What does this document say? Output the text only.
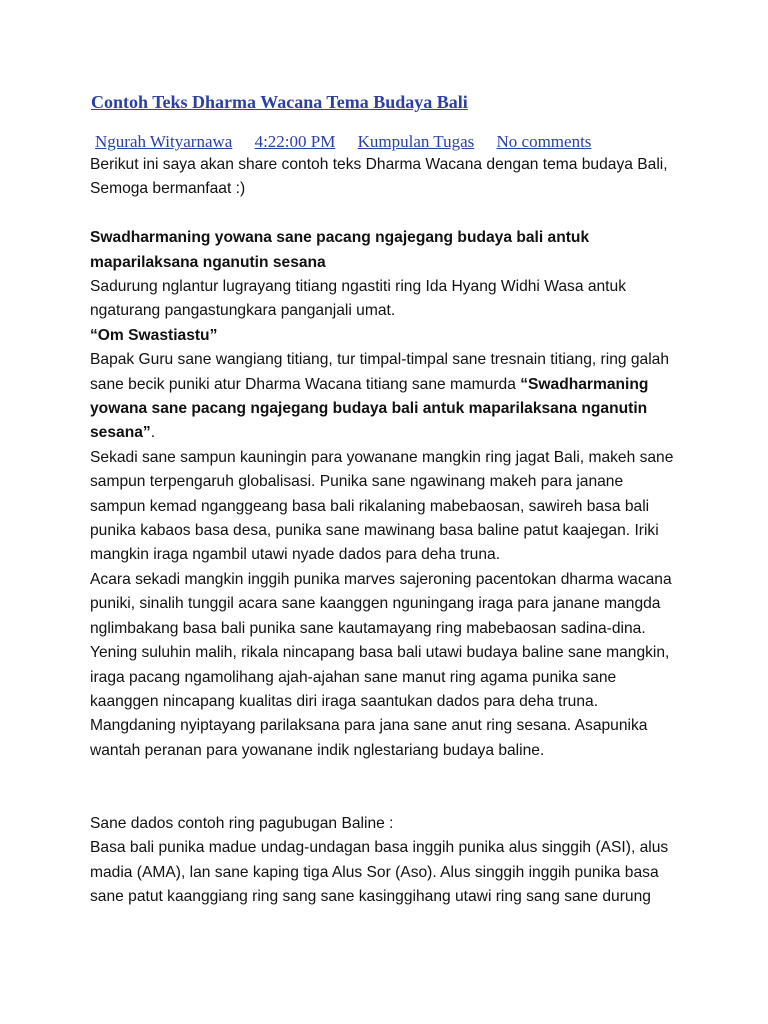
Contoh Teks Dharma Wacana Tema Budaya Bali
Ngurah Wityarnawa 4:22:00 PM Kumpulan Tugas No comments

Berikut ini saya akan share contoh teks Dharma Wacana dengan tema budaya Bali, Semoga bermanfaat :)

Swadharmaning yowana sane pacang ngajegang budaya bali antuk maparilaksana nganutin sesana

Sadurung nglantur lugrayang titiang ngastiti ring Ida Hyang Widhi Wasa antuk ngaturang pangastungkara panganjali umat.

“Om Swastiastu”

Bapak Guru sane wangiang titiang, tur timpal-timpal sane tresnain titiang, ring galah sane becik puniki atur Dharma Wacana titiang sane mamurda “Swadharmaning yowana sane pacang ngajegang budaya bali antuk maparilaksana nganutin sesana”.

Sekadi sane sampun kauningin para yowanane mangkin ring jagat Bali, makeh sane sampun terpengaruh globalisasi. Punika sane ngawinang makeh para janane sampun kemad nganggeang basa bali rikalaning mabebaosan, sawireh basa bali punika kabaos basa desa, punika sane mawinang basa baline patut kaajegan. Iriki mangkin iraga ngambil utawi nyade dados para deha truna.

Acara sekadi mangkin inggih punika marves sajeroning pacentokan dharma wacana puniki, sinalih tunggil acara sane kaanggen nguningang iraga para janane mangda nglimbakang basa bali punika sane kautamayang ring mabebaosan sadina-dina. Yening suluhin malih, rikala nincapang basa bali utawi budaya baline sane mangkin, iraga pacang ngamolihang ajah-ajahan sane manut ring agama punika sane kaanggen nincapang kualitas diri iraga saantukan dados para deha truna. Mangdaning nyiptayang parilaksana para jana sane anut ring sesana. Asapunika wantah peranan para yowanane indik nglestariang budaya baline.

Sane dados contoh ring pagubugan Baline :

Basa bali punika madue undag-undagan basa inggih punika alus singgih (ASI), alus madia (AMA), lan sane kaping tiga Alus Sor (Aso). Alus singgih inggih punika basa sane patut kaanggiang ring sang sane kasinggihang utawi ring sang sane durung
